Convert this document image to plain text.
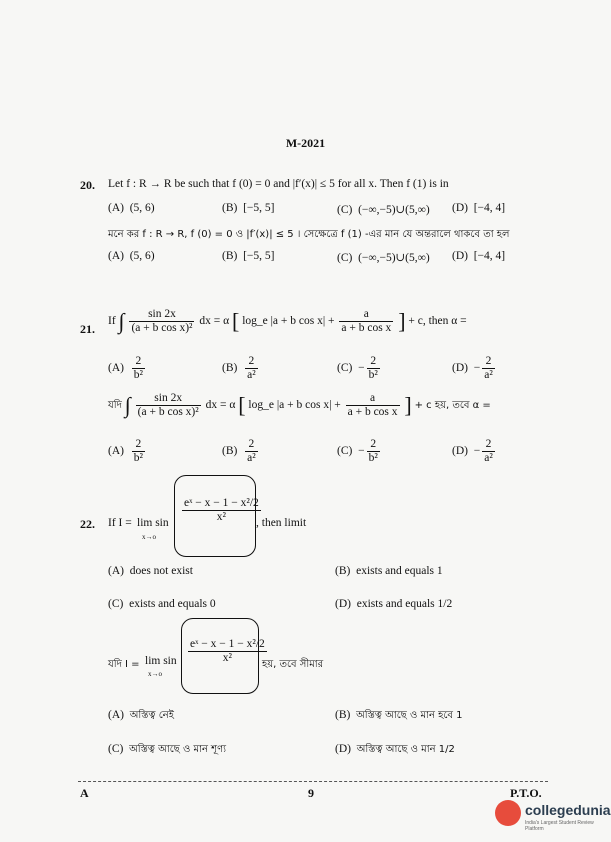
M-2021
20. Let f : R → R be such that f (0) = 0 and |f′(x)| ≤ 5 for all x. Then f (1) is in
(A) (5, 6)	(B) [−5, 5]	(C) (−∞,−5)∪(5,∞) (D) [−4, 4]
মনে কর f : R → R, f (0) = 0 ও |f′(x)| ≤ 5 । সেক্ষেত্রে f (1) -এর মান যে অন্তরালে থাকবে তা হল
(A) (5, 6)	(B) [−5, 5]	(C) (−∞,−5)∪(5,∞) (D) [−4, 4]
21.
If ∫ $\frac{\sin 2x}{\text{(a + b cos x)²}}$ dx = α [ log_e |a + b $\cos x| + \frac{a}{\text{a + b cos x}}$ ] + c, then α =
$(A) \frac{2}{\text{b²}}$	$(B) \frac{2}{\text{a²}}$	$(C) - \frac{2}{\text{b²}}$	$(D) - \frac{2}{\text{a²}}$
যদি ∫ $\frac{\sin 2x}{\text{(a + b cos x)²}}$ dx = α [ log_e |a + b $\cos x| + \frac{a}{\text{a + b cos x}}$ ] + c হয়, তবে α =
$(A) \frac{2}{\text{b²}}$	$(B) \frac{2}{\text{a²}}$	$(C) - \frac{2}{\text{b²}}$	$(D) - \frac{2}{\text{a²}}$
22. If I = lim sin
x→o
$\frac{\text{eˣ − x − 1 − x²/2}}{\text{x²}}$
, then limit
(A) does not exist	(B) exists and equals 1
(C) exists and equals 0	(D) exists and equals 1/2
যদি I = lim sin
x→o
$\frac{\text{eˣ − x − 1 − x²/2}}{\text{x²}}$
হয়, তবে সীমার
(A) অস্তিত্ব নেই	(B) অস্তিত্ব আছে ও মান হবে 1
(C) অস্তিত্ব আছে ও মান শূণ্য	(D) অস্তিত্ব আছে ও মান 1/2
A	9	P.T.O.
collegedunia
India's Largest Student Review Platform
